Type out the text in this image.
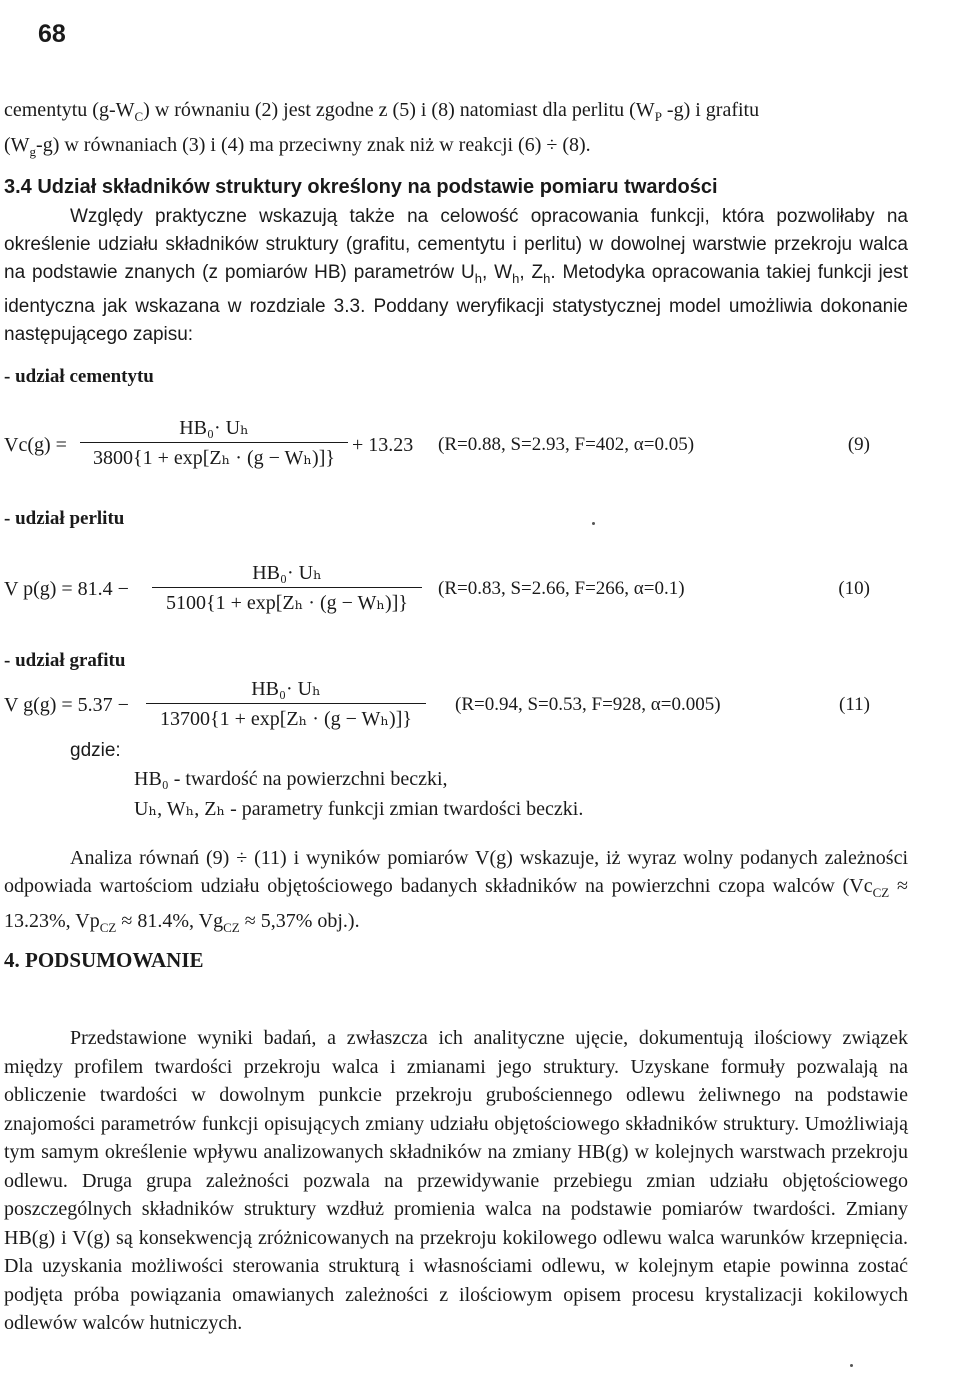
68

cementytu $(g-W_C)$ w równaniu (2) jest zgodne z (5) i (8) natomiast dla perlitu ($W_P$ -g) i grafitu
$(W_g-g)$ w równaniach (3) i (4) ma przeciwny znak niż w reakcji (6) ÷ (8).

3.4 Udział składników struktury określony na podstawie pomiaru twardości

Względy praktyczne wskazują także na celowość opracowania funkcji, która pozwoliłaby na określenie udziału składników struktury (grafitu, cementytu i perlitu) w dowolnej warstwie przekroju walca na podstawie znanych (z pomiarów HB) parametrów $U_h$, $W_h$, $Z_h$. Metodyka opracowania takiej funkcji jest identyczna jak wskazana w rozdziale 3.3. Poddany weryfikacji statystycznej model umożliwia dokonanie następującego zapisu:

- udział cementytu
Vc(g) =
HB₀· Uₕ
3800{1 + exp[Zₕ · (g − Wₕ)]}
+ 13.23 (R=0.88, S=2.93, F=402, α=0.05)	(9)
- udział perlitu
V p(g) = 81.4 −
HB₀· Uₕ
5100{1 + exp[Zₕ · (g − Wₕ)]}
(R=0.83, S=2.66, F=266, α=0.1)	(10)
- udział grafitu
V g(g) = 5.37 −
HB₀· Uₕ
13700{1 + exp[Zₕ · (g − Wₕ)]}
(R=0.94, S=0.53, F=928, α=0.005)	(11)
gdzie:
HB₀ - twardość na powierzchni beczki,
Uₕ, Wₕ, Zₕ - parametry funkcji zmian twardości beczki.

Analiza równań (9) ÷ (11) i wyników pomiarów V(g) wskazuje, iż wyraz wolny podanych zależności odpowiada wartościom udziału objętościowego badanych składników na powierzchni czopa walców ($Vc_{CZ} \approx 13.23\%$, $Vp_{CZ} \approx 81.4\%$, $Vg_{CZ} \approx 5,37\%$ obj.).

4. PODSUMOWANIE

Przedstawione wyniki badań, a zwłaszcza ich analityczne ujęcie, dokumentują ilościowy związek między profilem twardości przekroju walca i zmianami jego struktury. Uzyskane formuły pozwalają na obliczenie twardości w dowolnym punkcie przekroju grubościennego odlewu żeliwnego na podstawie znajomości parametrów funkcji opisujących zmiany udziału objętościowego składników struktury. Umożliwiają tym samym określenie wpływu analizowanych składników na zmiany HB(g) w kolejnych warstwach przekroju odlewu. Druga grupa zależności pozwala na przewidywanie przebiegu zmian udziału objętościowego poszczególnych składników struktury wzdłuż promienia walca na podstawie pomiarów twardości. Zmiany HB(g) i V(g) są konsekwencją zróżnicowanych na przekroju kokilowego odlewu walca warunków krzepnięcia. Dla uzyskania możliwości sterowania strukturą i własnościami odlewu, w kolejnym etapie powinna zostać podjęta próba powiązania omawianych zależności z ilościowym opisem procesu krystalizacji kokilowych odlewów walców hutniczych.
